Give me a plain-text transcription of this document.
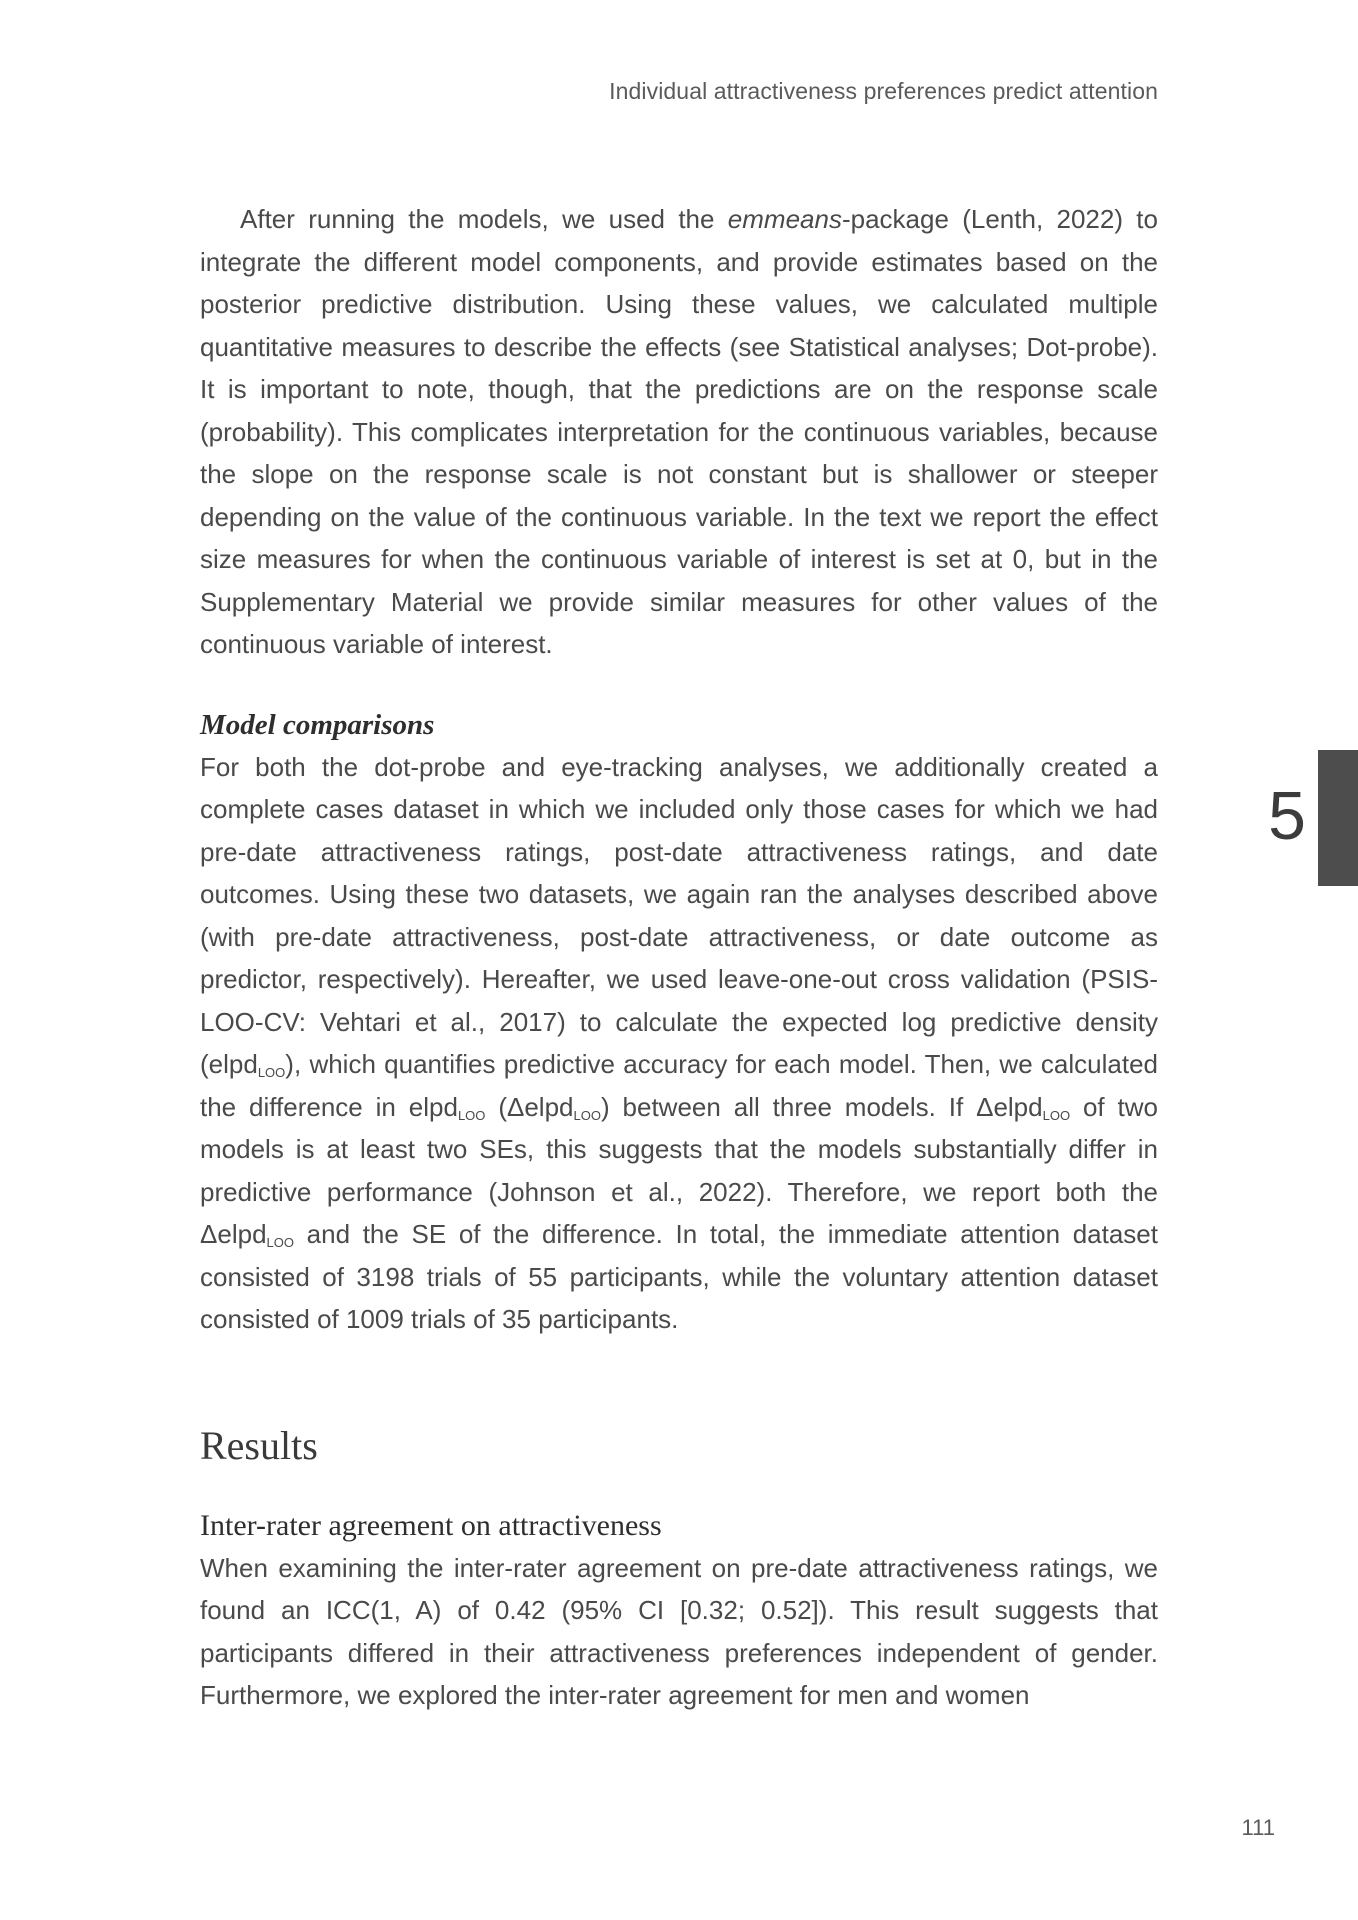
Individual attractiveness preferences predict attention
5

After running the models, we used the emmeans-package (Lenth, 2022) to integrate the different model components, and provide estimates based on the posterior predictive distribution. Using these values, we calculated multiple quantitative measures to describe the effects (see Statistical analyses; Dot-probe). It is important to note, though, that the predictions are on the response scale (probability). This complicates interpretation for the continuous variables, because the slope on the response scale is not constant but is shallower or steeper depending on the value of the continuous variable. In the text we report the effect size measures for when the continuous variable of interest is set at 0, but in the Supplementary Material we provide similar measures for other values of the continuous variable of interest.

Model comparisons

For both the dot-probe and eye-tracking analyses, we additionally created a complete cases dataset in which we included only those cases for which we had pre-date attractiveness ratings, post-date attractiveness ratings, and date outcomes. Using these two datasets, we again ran the analyses described above (with pre-date attractiveness, post-date attractiveness, or date outcome as predictor, respectively). Hereafter, we used leave-one-out cross validation (PSIS-LOO-CV: Vehtari et al., 2017) to calculate the expected log predictive density (elpd$_{LOO}$), which quantifies predictive accuracy for each model. Then, we calculated the difference in elpd$_{LOO}$ (Δelpd$_{LOO}$) between all three models. If Δelpd$_{LOO}$ of two models is at least two SEs, this suggests that the models substantially differ in predictive performance (Johnson et al., 2022). Therefore, we report both the Δelpd$_{LOO}$ and the SE of the difference. In total, the immediate attention dataset consisted of 3198 trials of 55 participants, while the voluntary attention dataset consisted of 1009 trials of 35 participants.

Results
Inter-rater agreement on attractiveness

When examining the inter-rater agreement on pre-date attractiveness ratings, we found an ICC(1, A) of 0.42 (95% CI [0.32; 0.52]). This result suggests that participants differed in their attractiveness preferences independent of gender. Furthermore, we explored the inter-rater agreement for men and women

111
